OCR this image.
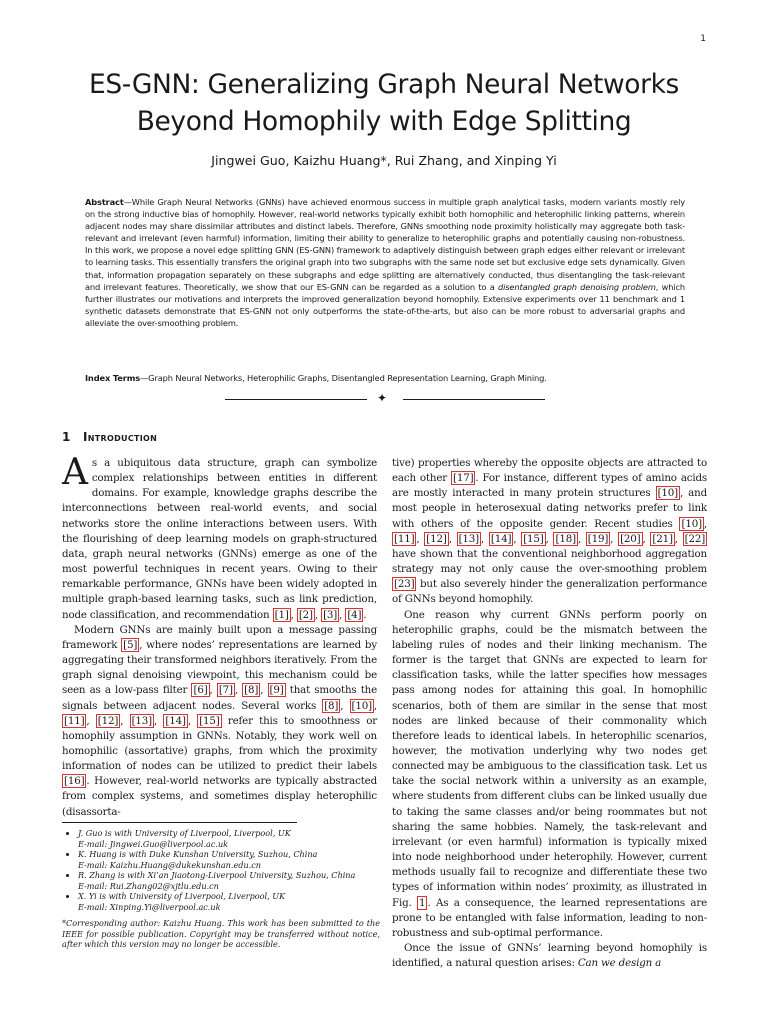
1
ES-GNN: Generalizing Graph Neural Networks
Beyond Homophily with Edge Splitting
Jingwei Guo, Kaizhu Huang*, Rui Zhang, and Xinping Yi
Abstract—While Graph Neural Networks (GNNs) have achieved enormous success in multiple graph analytical tasks, modern variants mostly rely on the strong inductive bias of homophily. However, real-world networks typically exhibit both homophilic and heterophilic linking patterns, wherein adjacent nodes may share dissimilar attributes and distinct labels. Therefore, GNNs smoothing node proximity holistically may aggregate both task-relevant and irrelevant (even harmful) information, limiting their ability to generalize to heterophilic graphs and potentially causing non-robustness. In this work, we propose a novel edge splitting GNN (ES-GNN) framework to adaptively distinguish between graph edges either relevant or irrelevant to learning tasks. This essentially transfers the original graph into two subgraphs with the same node set but exclusive edge sets dynamically. Given that, information propagation separately on these subgraphs and edge splitting are alternatively conducted, thus disentangling the task-relevant and irrelevant features. Theoretically, we show that our ES-GNN can be regarded as a solution to a disentangled graph denoising problem, which further illustrates our motivations and interprets the improved generalization beyond homophily. Extensive experiments over 11 benchmark and 1 synthetic datasets demonstrate that ES-GNN not only outperforms the state-of-the-arts, but also can be more robust to adversarial graphs and alleviate the over-smoothing problem.
Index Terms—Graph Neural Networks, Heterophilic Graphs, Disentangled Representation Learning, Graph Mining.
✦
1 Introduction

As a ubiquitous data structure, graph can symbolize complex relationships between entities in different domains. For example, knowledge graphs describe the interconnections between real-world events, and social networks store the online interactions between users. With the flourishing of deep learning models on graph-structured data, graph neural networks (GNNs) emerge as one of the most powerful techniques in recent years. Owing to their remarkable performance, GNNs have been widely adopted in multiple graph-based learning tasks, such as link prediction, node classification, and recommendation [1] , [2] , [3] , [4] .

Modern GNNs are mainly built upon a message passing framework [5] , where nodes’ representations are learned by aggregating their transformed neighbors iteratively. From the graph signal denoising viewpoint, this mechanism could be seen as a low-pass filter [6] , [7] , [8] , [9] that smooths the signals between adjacent nodes. Several works [8] , [10] , [11] , [12] , [13] , [14] , [15] refer this to smoothness or homophily assumption in GNNs. Notably, they work well on homophilic (assortative) graphs, from which the proximity information of nodes can be utilized to predict their labels [16] . However, real-world networks are typically abstracted from complex systems, and sometimes display heterophilic (disassorta-

tive) properties whereby the opposite objects are attracted to each other [17] . For instance, different types of amino acids are mostly interacted in many protein structures [10] , and most people in heterosexual dating networks prefer to link with others of the opposite gender. Recent studies [10] , [11] , [12] , [13] , [14] , [15] , [18] , [19] , [20] , [21] , [22] have shown that the conventional neighborhood aggregation strategy may not only cause the over-smoothing problem [23] but also severely hinder the generalization performance of GNNs beyond homophily.

One reason why current GNNs perform poorly on heterophilic graphs, could be the mismatch between the labeling rules of nodes and their linking mechanism. The former is the target that GNNs are expected to learn for classification tasks, while the latter specifies how messages pass among nodes for attaining this goal. In homophilic scenarios, both of them are similar in the sense that most nodes are linked because of their commonality which therefore leads to identical labels. In heterophilic scenarios, however, the motivation underlying why two nodes get connected may be ambiguous to the classification task. Let us take the social network within a university as an example, where students from different clubs can be linked usually due to taking the same classes and/or being roommates but not sharing the same hobbies. Namely, the task-relevant and irrelevant (or even harmful) information is typically mixed into node neighborhood under heterophily. However, current methods usually fail to recognize and differentiate these two types of information within nodes’ proximity, as illustrated in Fig. 1 . As a consequence, the learned representations are prone to be entangled with false information, leading to non-robustness and sub-optimal performance.

Once the issue of GNNs’ learning beyond homophily is identified, a natural question arises: Can we design a

• J. Guo is with University of Liverpool, Liverpool, UK
E-mail: Jingwei.Guo@liverpool.ac.uk
• K. Huang is with Duke Kunshan University, Suzhou, China
E-mail: Kaizhu.Huang@dukekunshan.edu.cn
• R. Zhang is with Xi’an Jiaotong-Liverpool University, Suzhou, China
E-mail: Rui.Zhang02@xjtlu.edu.cn
• X. Yi is with University of Liverpool, Liverpool, UK
E-mail: Xinping.Yi@liverpool.ac.uk
*Corresponding author: Kaizhu Huang. This work has been submitted to the IEEE for possible publication. Copyright may be transferred without notice, after which this version may no longer be accessible.
